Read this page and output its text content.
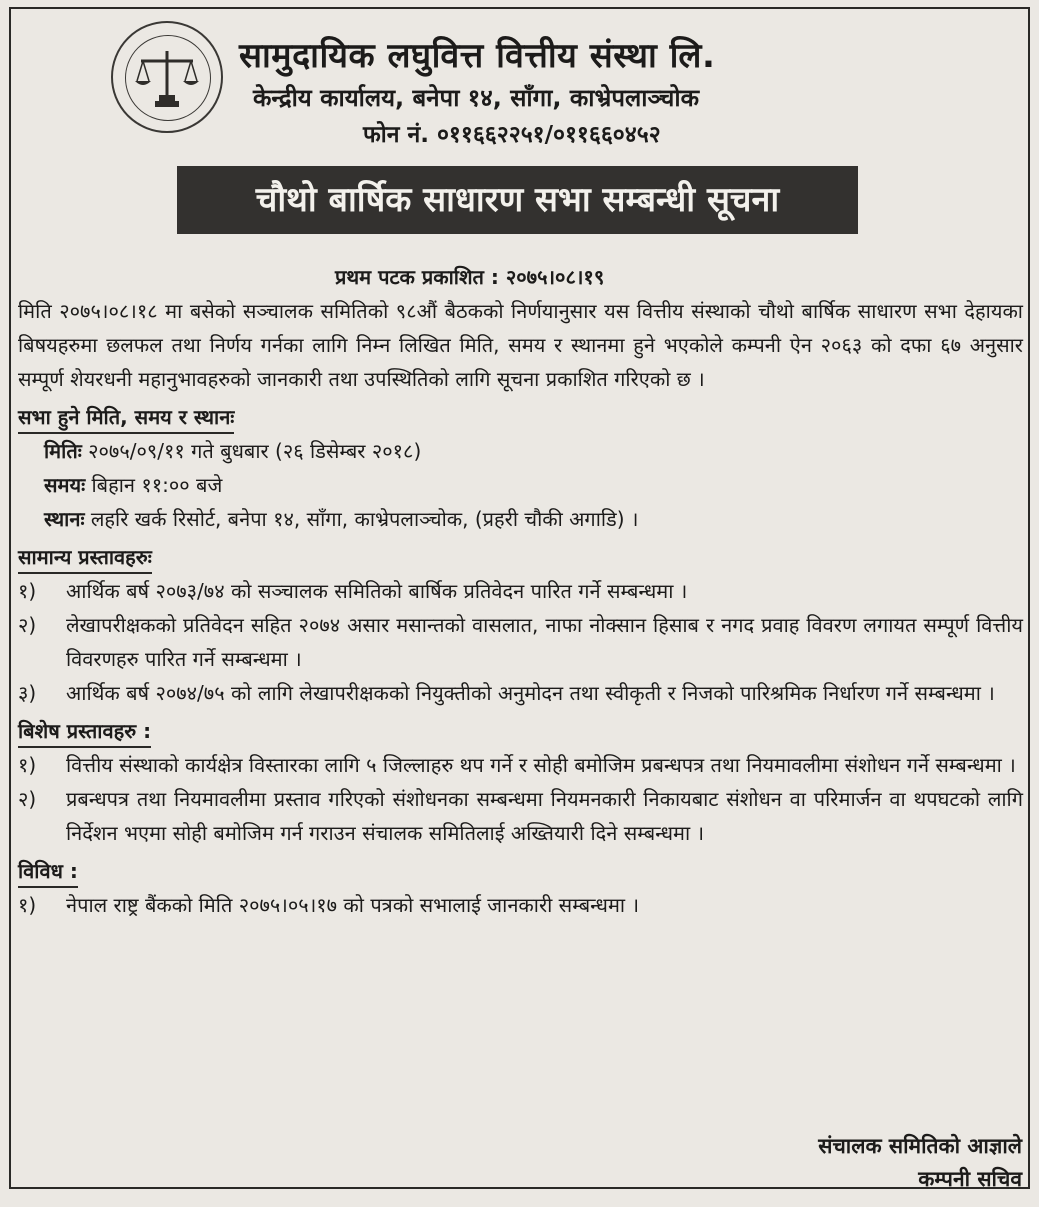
सामुदायिक लघुवित्त वित्तीय संस्था लि.
केन्द्रीय कार्यालय, बनेपा १४, साँगा, काभ्रेपलाञ्चोक
फोन नं. ०११६६२२५१/०११६६०४५२
चौथो बार्षिक साधारण सभा सम्बन्धी सूचना
प्रथम पटक प्रकाशित : २०७५।०८।१९

मिति २०७५।०८।१८ मा बसेको सञ्चालक समितिको ९८औं बैठकको निर्णयानुसार यस वित्तीय संस्थाको चौथो बार्षिक साधारण सभा देहायका बिषयहरुमा छलफल तथा निर्णय गर्नका लागि निम्न लिखित मिति, समय र स्थानमा हुने भएकोले कम्पनी ऐन २०६३ को दफा ६७ अनुसार सम्पूर्ण शेयरधनी महानुभावहरुको जानकारी तथा उपस्थितिको लागि सूचना प्रकाशित गरिएको छ ।

सभा हुने मिति, समय र स्थानः
मितिः २०७५/०९/११ गते बुधबार (२६ डिसेम्बर २०१८)
समयः बिहान ११:०० बजे
स्थानः लहरि खर्क रिसोर्ट, बनेपा १४, साँगा, काभ्रेपलाञ्चोक, (प्रहरी चौकी अगाडि) ।
सामान्य प्रस्तावहरुः
१)	आर्थिक बर्ष २०७३/७४ को सञ्चालक समितिको बार्षिक प्रतिवेदन पारित गर्ने सम्बन्धमा ।
२)	लेखापरीक्षकको प्रतिवेदन सहित २०७४ असार मसान्तको वासलात, नाफा नोक्सान हिसाब र नगद प्रवाह विवरण लगायत सम्पूर्ण वित्तीय विवरणहरु पारित गर्ने सम्बन्धमा ।
३)	आर्थिक बर्ष २०७४/७५ को लागि लेखापरीक्षकको नियुक्तीको अनुमोदन तथा स्वीकृती र निजको पारिश्रमिक निर्धारण गर्ने सम्बन्धमा ।
बिशेष प्रस्तावहरु :
१)	वित्तीय संस्थाको कार्यक्षेत्र विस्तारका लागि ५ जिल्लाहरु थप गर्ने र सोही बमोजिम प्रबन्धपत्र तथा नियमावलीमा संशोधन गर्ने सम्बन्धमा ।
२)	प्रबन्धपत्र तथा नियमावलीमा प्रस्ताव गरिएको संशोधनका सम्बन्धमा नियमनकारी निकायबाट संशोधन वा परिमार्जन वा थपघटको लागि निर्देशन भएमा सोही बमोजिम गर्न गराउन संचालक समितिलाई अख्तियारी दिने सम्बन्धमा ।
विविध :
१)	नेपाल राष्ट्र बैंकको मिति २०७५।०५।१७ को पत्रको सभालाई जानकारी सम्बन्धमा ।
संचालक समितिको आज्ञाले
कम्पनी सचिव
